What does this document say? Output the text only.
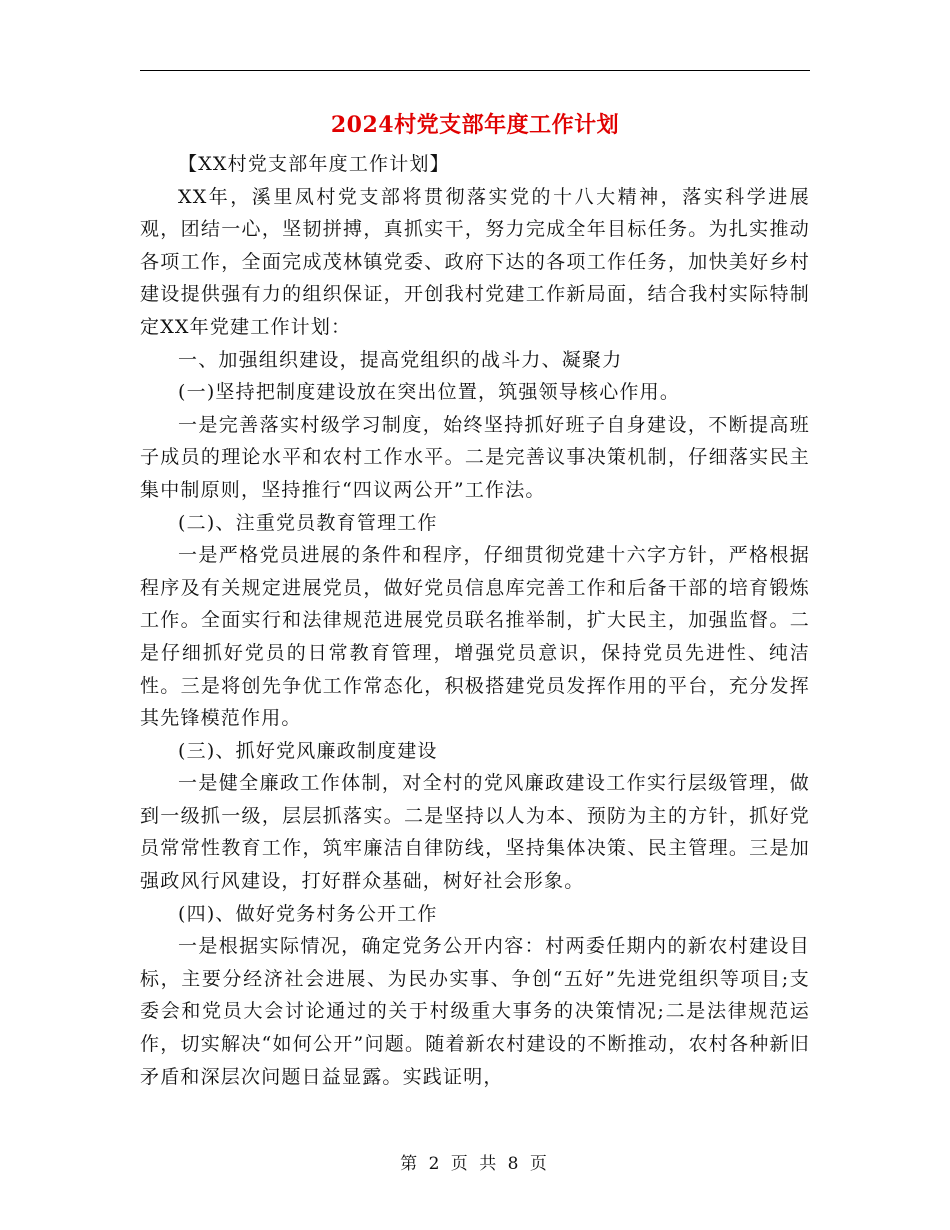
2024村党支部年度工作计划

【XX村党支部年度工作计划】

XX年，溪里凤村党支部将贯彻落实党的十八大精神，落实科学进展观，团结一心，坚韧拼搏，真抓实干，努力完成全年目标任务。为扎实推动各项工作，全面完成茂林镇党委、政府下达的各项工作任务，加快美好乡村建设提供强有力的组织保证，开创我村党建工作新局面，结合我村实际特制定XX年党建工作计划：

一、加强组织建设，提高党组织的战斗力、凝聚力

(一)坚持把制度建设放在突出位置，筑强领导核心作用。

一是完善落实村级学习制度，始终坚持抓好班子自身建设，不断提高班子成员的理论水平和农村工作水平。二是完善议事决策机制，仔细落实民主集中制原则，坚持推行“四议两公开”工作法。

(二)、注重党员教育管理工作

一是严格党员进展的条件和程序，仔细贯彻党建十六字方针，严格根据程序及有关规定进展党员，做好党员信息库完善工作和后备干部的培育锻炼工作。全面实行和法律规范进展党员联名推举制，扩大民主，加强监督。二是仔细抓好党员的日常教育管理，增强党员意识，保持党员先进性、纯洁性。三是将创先争优工作常态化，积极搭建党员发挥作用的平台，充分发挥其先锋模范作用。

(三)、抓好党风廉政制度建设

一是健全廉政工作体制，对全村的党风廉政建设工作实行层级管理，做到一级抓一级，层层抓落实。二是坚持以人为本、预防为主的方针，抓好党员常常性教育工作，筑牢廉洁自律防线，坚持集体决策、民主管理。三是加强政风行风建设，打好群众基础，树好社会形象。

(四)、做好党务村务公开工作

一是根据实际情况，确定党务公开内容：村两委任期内的新农村建设目标，主要分经济社会进展、为民办实事、争创“五好”先进党组织等项目;支委会和党员大会讨论通过的关于村级重大事务的决策情况;二是法律规范运作，切实解决“如何公开”问题。随着新农村建设的不断推动，农村各种新旧矛盾和深层次问题日益显露。实践证明，

第 2 页 共 8 页
